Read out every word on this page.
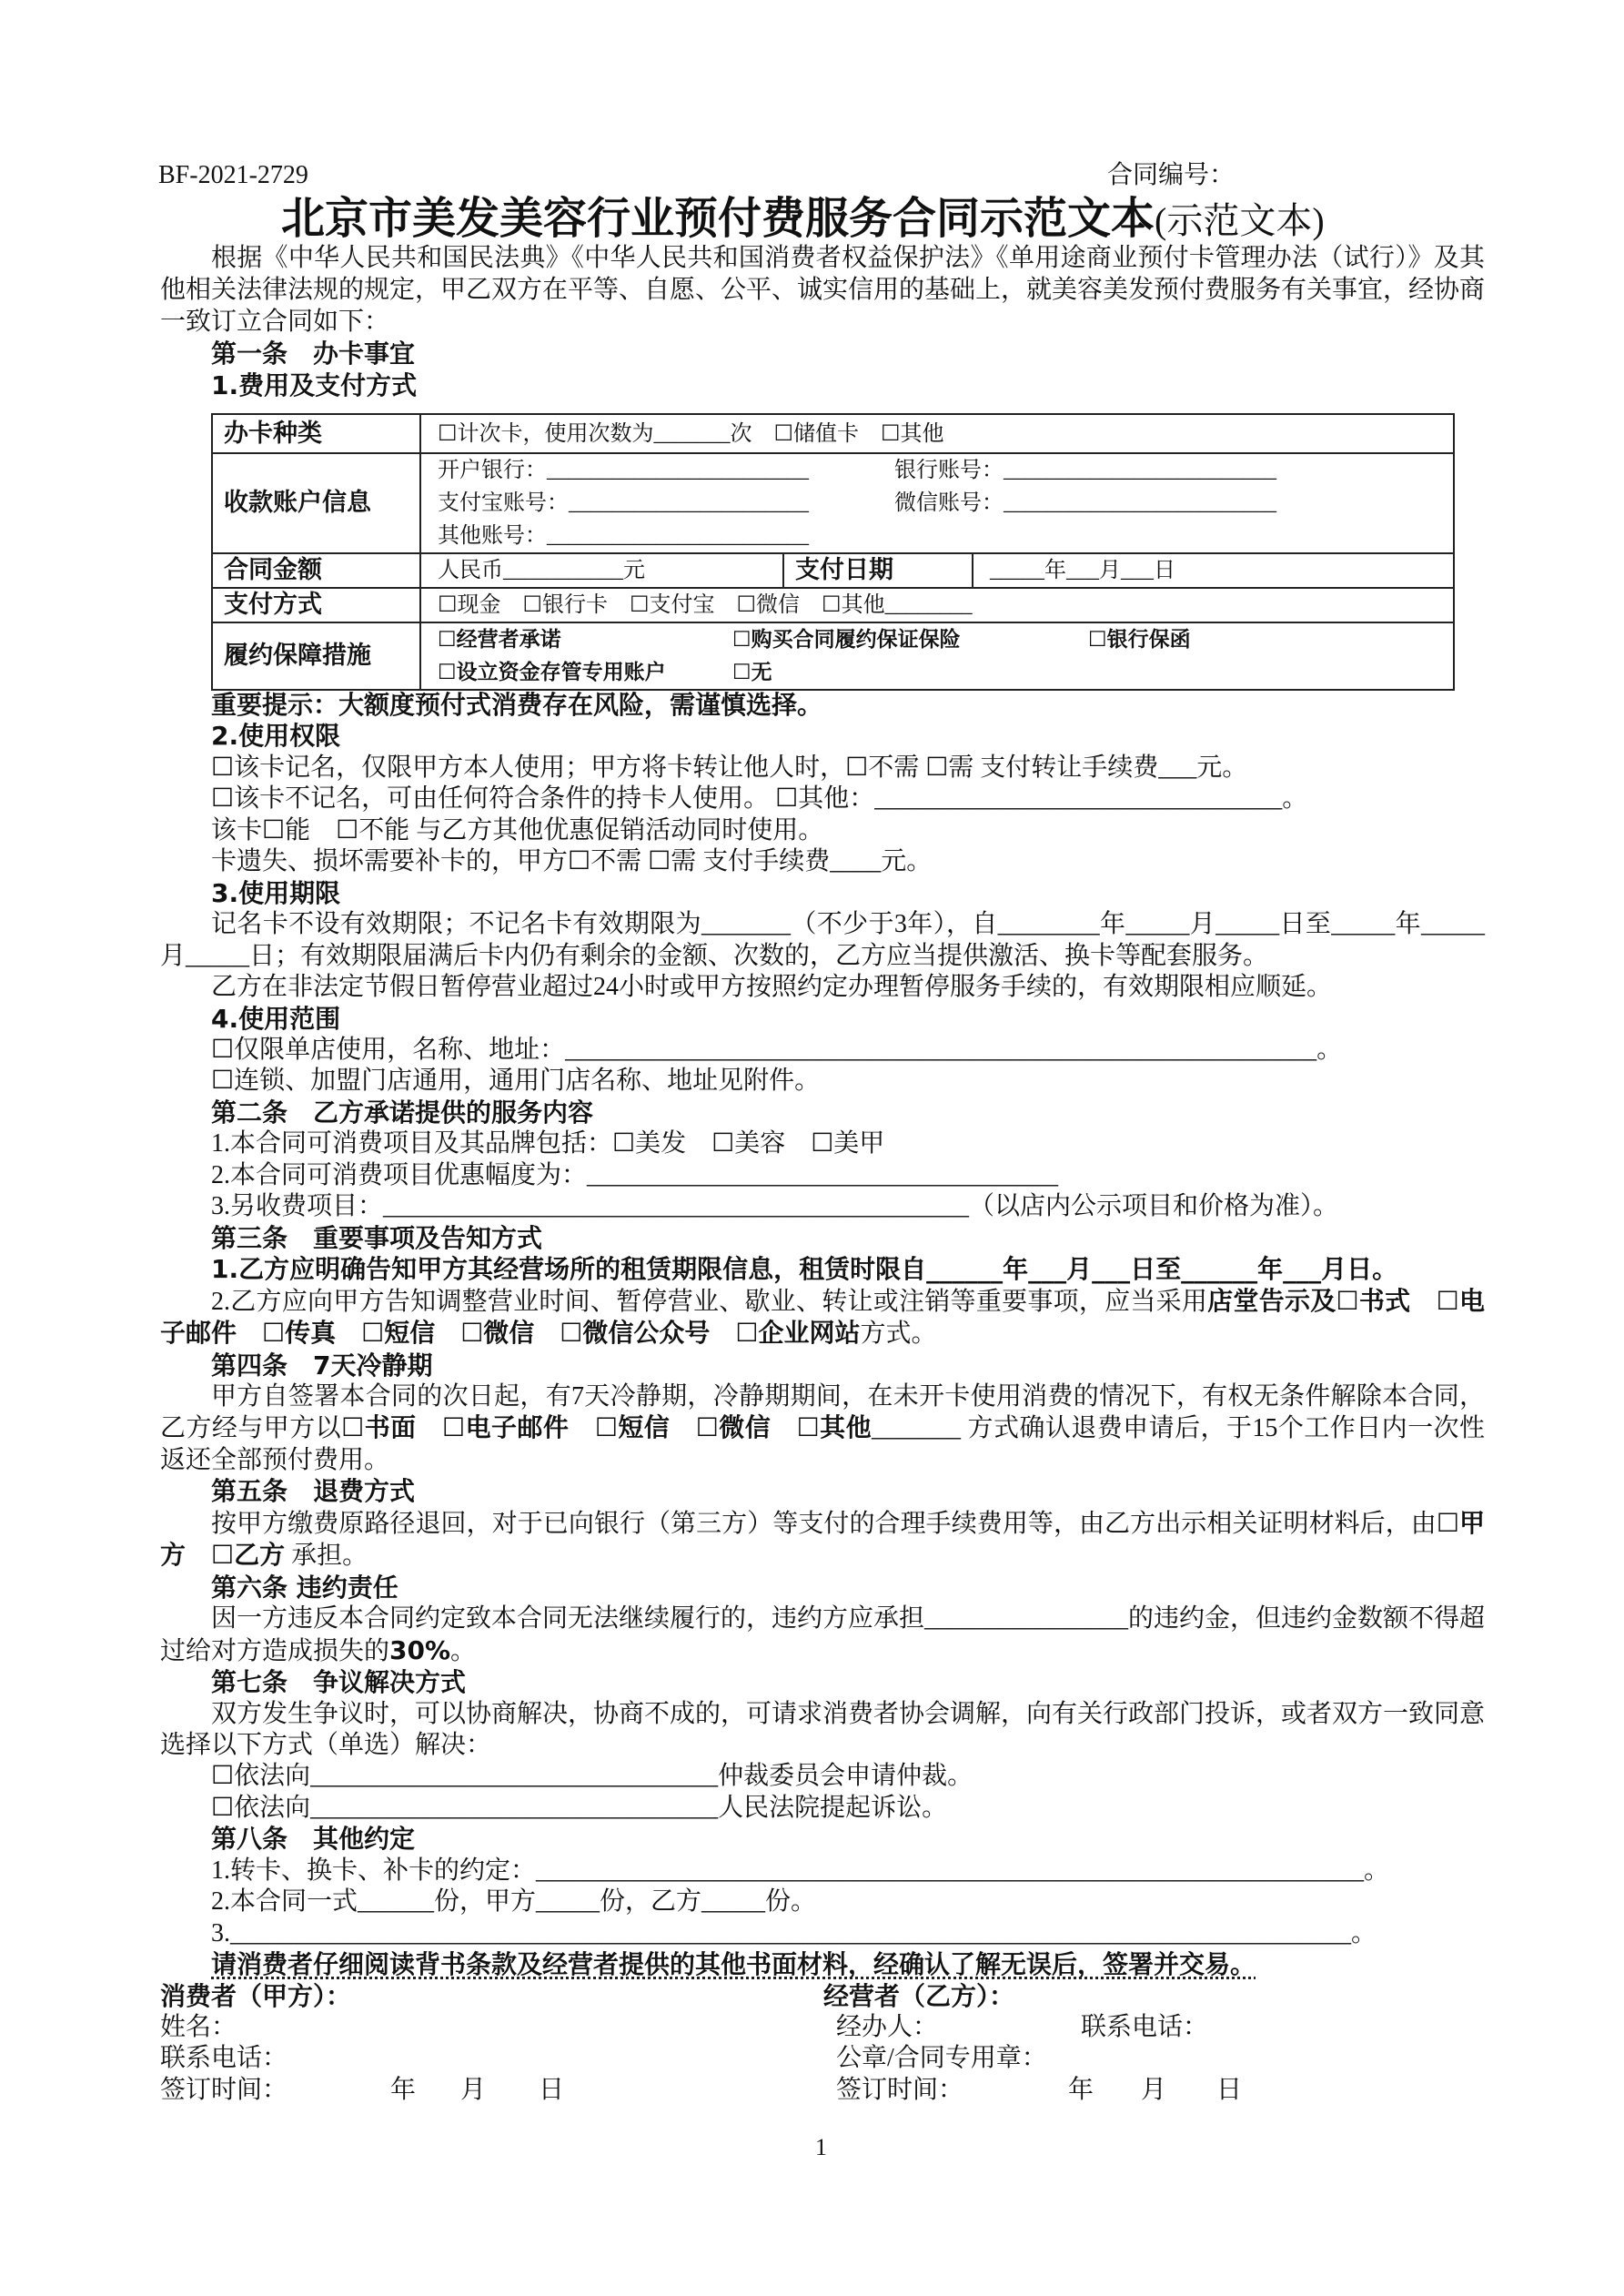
BF-2021-2729	合同编号：
北京市美发美容行业预付费服务合同示范文本(示范文本)
根据《中华人民共和国民法典》《中华人民共和国消费者权益保护法》《单用途商业预付卡管理办法（试行）》及其他相关法律法规的规定，甲乙双方在平等、自愿、公平、诚实信用的基础上，就美容美发预付费服务有关事宜，经协商一致订立合同如下：
第一条　办卡事宜
1.费用及支付方式
办卡种类	☐计次卡，使用次数为_______次　☐储值卡　☐其他		
收款账户信息	开户银行：________________________ 银行账号：_________________________
支付宝账号：______________________ 微信账号：_________________________
其他账号：________________________		

合同金额	人民币___________元	支付日期	_____年___月___日
支付方式	☐现金　☐银行卡　☐支付宝　☐微信　☐其他________		
履约保障措施	☐经营者承诺 ☐购买合同履约保证保险 ☐银行保函
☐设立资金存管专用账户 ☐无		
重要提示：大额度预付式消费存在风险，需谨慎选择。
2.使用权限
☐该卡记名，仅限甲方本人使用；甲方将卡转让他人时，☐不需 ☐需 支付转让手续费___元。
☐该卡不记名，可由任何符合条件的持卡人使用。 ☐其他：________________________________。
该卡☐能　☐不能 与乙方其他优惠促销活动同时使用。
卡遗失、损坏需要补卡的，甲方☐不需 ☐需 支付手续费____元。
3.使用期限
记名卡不设有效期限；不记名卡有效期限为_______（不少于3年），自________年_____月_____日至_____年_____月_____日；有效期限届满后卡内仍有剩余的金额、次数的，乙方应当提供激活、换卡等配套服务。
乙方在非法定节假日暂停营业超过24小时或甲方按照约定办理暂停服务手续的，有效期限相应顺延。
4.使用范围
☐仅限单店使用，名称、地址：___________________________________________________________。
☐连锁、加盟门店通用，通用门店名称、地址见附件。
第二条　乙方承诺提供的服务内容
1.本合同可消费项目及其品牌包括：☐美发　☐美容　☐美甲
2.本合同可消费项目优惠幅度为：_____________________________________
3.另收费项目：______________________________________________（以店内公示项目和价格为准）。
第三条　重要事项及告知方式
1.乙方应明确告知甲方其经营场所的租赁期限信息，租赁时限自______年___月___日至______年___月日。
2.乙方应向甲方告知调整营业时间、暂停营业、歇业、转让或注销等重要事项，应当采用店堂告示及☐书式　☐电子邮件　☐传真　☐短信　☐微信　☐微信公众号　☐企业网站方式。
第四条　7天冷静期
甲方自签署本合同的次日起，有7天冷静期，冷静期期间，在未开卡使用消费的情况下，有权无条件解除本合同，乙方经与甲方以☐书面　☐电子邮件　☐短信　☐微信　☐其他_______ 方式确认退费申请后，于15个工作日内一次性返还全部预付费用。
第五条　退费方式
按甲方缴费原路径退回，对于已向银行（第三方）等支付的合理手续费用等，由乙方出示相关证明材料后，由☐甲方　☐乙方 承担。
第六条 违约责任
因一方违反本合同约定致本合同无法继续履行的，违约方应承担________________的违约金，但违约金数额不得超过给对方造成损失的30%。
第七条　争议解决方式
双方发生争议时，可以协商解决，协商不成的，可请求消费者协会调解，向有关行政部门投诉，或者双方一致同意选择以下方式（单选）解决：
☐依法向________________________________仲裁委员会申请仲裁。
☐依法向________________________________人民法院提起诉讼。
第八条　其他约定
1.转卡、换卡、补卡的约定：_________________________________________________________________。
2.本合同一式______份，甲方_____份，乙方_____份。
3.________________________________________________________________________________________。
请消费者仔细阅读背书条款及经营者提供的其他书面材料，经确认了解无误后，签署并交易。
消费者（甲方）：	经营者（乙方）：
姓名：	经办人：	联系电话：
联系电话：	公章/合同专用章：
签订时间：	年 月 日	签订时间：	年 月 日
1
